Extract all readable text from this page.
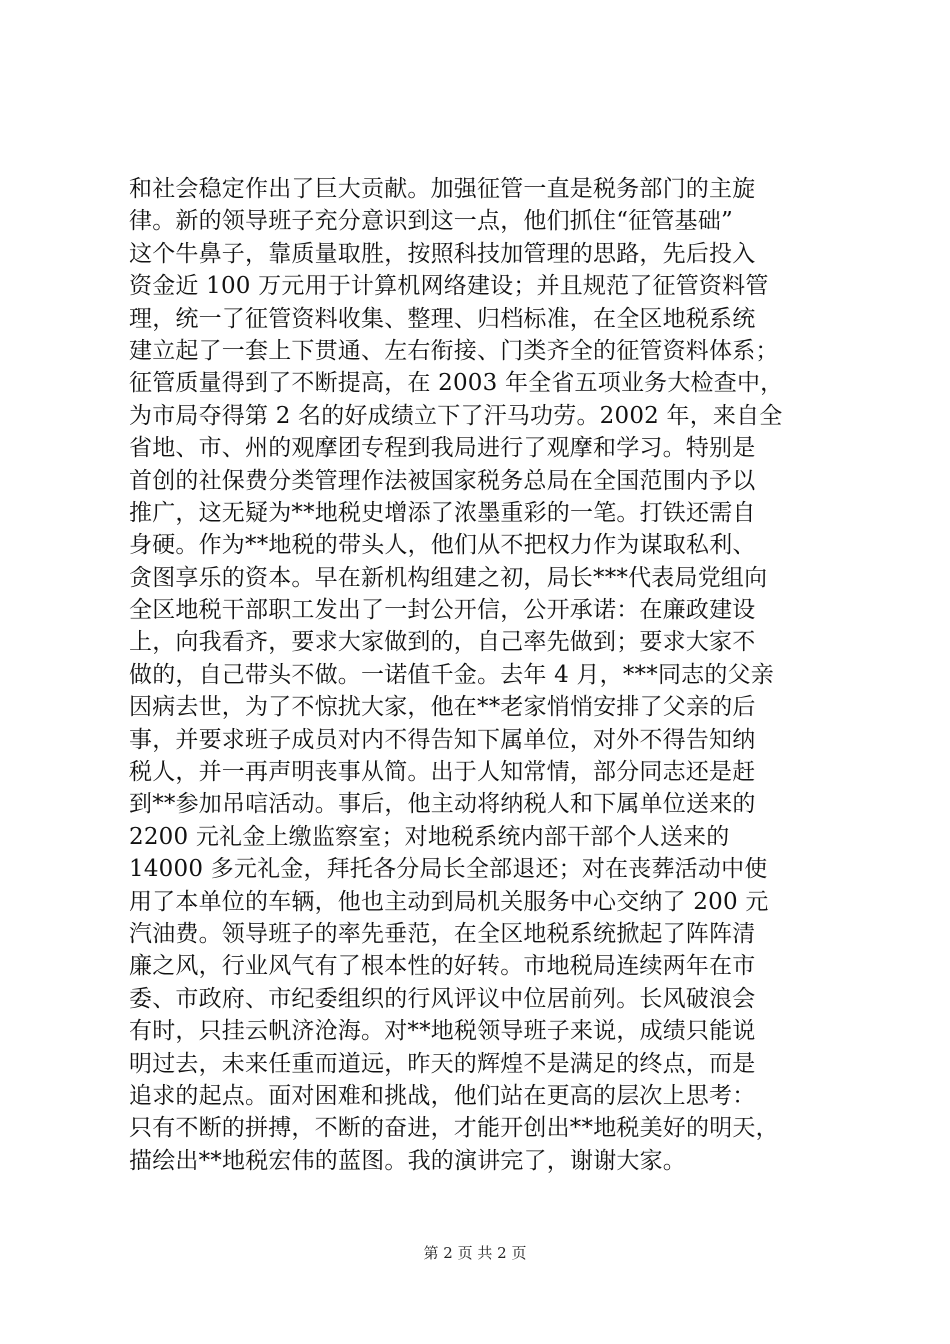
和社会稳定作出了巨大贡献。加强征管一直是税务部门的主旋
律。新的领导班子充分意识到这一点，他们抓住“征管基础”
这个牛鼻子，靠质量取胜，按照科技加管理的思路，先后投入
资金近 100 万元用于计算机网络建设；并且规范了征管资料管
理，统一了征管资料收集、整理、归档标准，在全区地税系统
建立起了一套上下贯通、左右衔接、门类齐全的征管资料体系；
征管质量得到了不断提高，在 2003 年全省五项业务大检查中，
为市局夺得第 2 名的好成绩立下了汗马功劳。2002 年，来自全
省地、市、州的观摩团专程到我局进行了观摩和学习。特别是
首创的社保费分类管理作法被国家税务总局在全国范围内予以
推广，这无疑为**地税史增添了浓墨重彩的一笔。打铁还需自
身硬。作为**地税的带头人，他们从不把权力作为谋取私利、
贪图享乐的资本。早在新机构组建之初，局长***代表局党组向
全区地税干部职工发出了一封公开信，公开承诺：在廉政建设
上，向我看齐，要求大家做到的，自己率先做到；要求大家不
做的，自己带头不做。一诺值千金。去年 4 月，***同志的父亲
因病去世，为了不惊扰大家，他在**老家悄悄安排了父亲的后
事，并要求班子成员对内不得告知下属单位，对外不得告知纳
税人，并一再声明丧事从简。出于人知常情，部分同志还是赶
到**参加吊唁活动。事后，他主动将纳税人和下属单位送来的
2200 元礼金上缴监察室；对地税系统内部干部个人送来的
14000 多元礼金，拜托各分局长全部退还；对在丧葬活动中使
用了本单位的车辆，他也主动到局机关服务中心交纳了 200 元
汽油费。领导班子的率先垂范，在全区地税系统掀起了阵阵清
廉之风，行业风气有了根本性的好转。市地税局连续两年在市
委、市政府、市纪委组织的行风评议中位居前列。长风破浪会
有时，只挂云帆济沧海。对**地税领导班子来说，成绩只能说
明过去，未来任重而道远，昨天的辉煌不是满足的终点，而是
追求的起点。面对困难和挑战，他们站在更高的层次上思考：
只有不断的拼搏，不断的奋进，才能开创出**地税美好的明天，
描绘出**地税宏伟的蓝图。我的演讲完了，谢谢大家。
第 2 页 共 2 页
